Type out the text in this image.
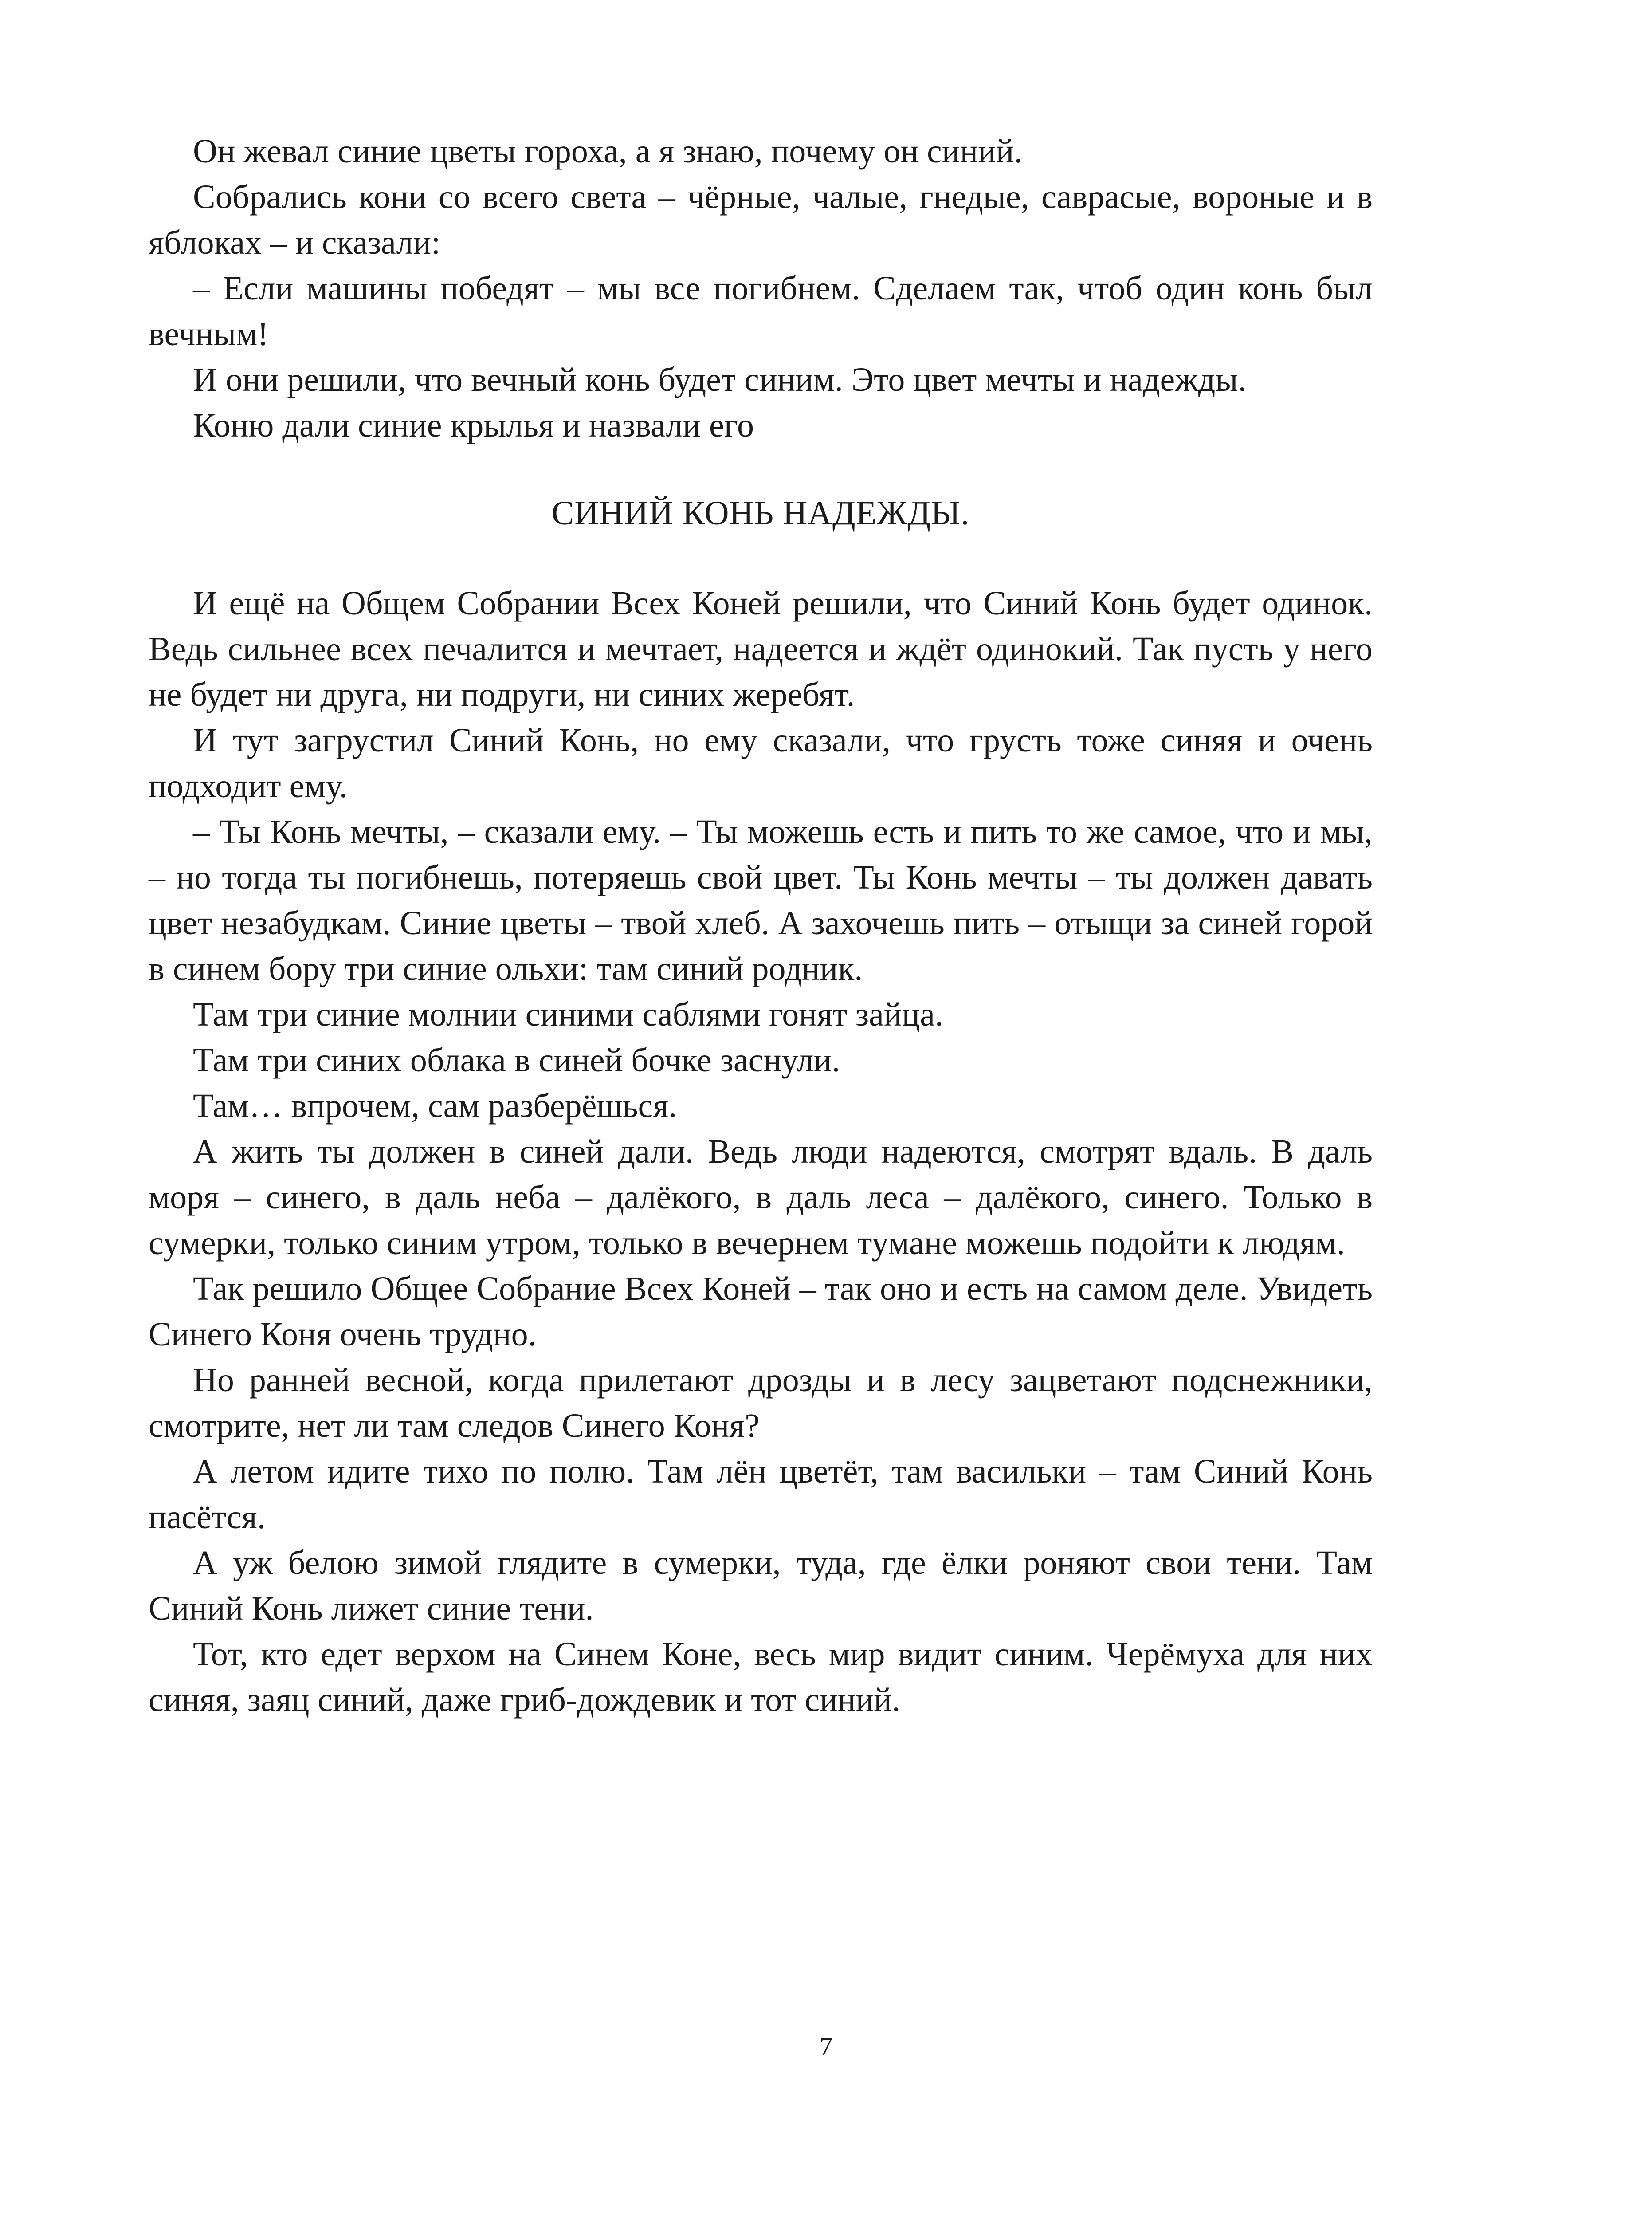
Он жевал синие цветы гороха, а я знаю, почему он синий.

Собрались кони со всего света – чёрные, чалые, гнедые, саврасые, вороные и в яблоках – и сказали:

– Если машины победят – мы все погибнем. Сделаем так, чтоб один конь был вечным!

И они решили, что вечный конь будет синим. Это цвет мечты и надежды.

Коню дали синие крылья и назвали его

СИНИЙ КОНЬ НАДЕЖДЫ.

И ещё на Общем Собрании Всех Коней решили, что Синий Конь будет одинок. Ведь сильнее всех печалится и мечтает, надеется и ждёт одинокий. Так пусть у него не будет ни друга, ни подруги, ни синих жеребят.

И тут загрустил Синий Конь, но ему сказали, что грусть тоже синяя и очень подходит ему.

– Ты Конь мечты, – сказали ему. – Ты можешь есть и пить то же самое, что и мы, – но тогда ты погибнешь, потеряешь свой цвет. Ты Конь мечты – ты должен давать цвет незабудкам. Синие цветы – твой хлеб. А захочешь пить – отыщи за синей горой в синем бору три синие ольхи: там синий родник.

Там три синие молнии синими саблями гонят зайца.

Там три синих облака в синей бочке заснули.

Там… впрочем, сам разберёшься.

А жить ты должен в синей дали. Ведь люди надеются, смотрят вдаль. В даль моря – синего, в даль неба – далёкого, в даль леса – далёкого, синего. Только в сумерки, только синим утром, только в вечернем тумане можешь подойти к людям.

Так решило Общее Собрание Всех Коней – так оно и есть на самом деле. Увидеть Синего Коня очень трудно.

Но ранней весной, когда прилетают дрозды и в лесу зацветают подснежники, смотрите, нет ли там следов Синего Коня?

А летом идите тихо по полю. Там лён цветёт, там васильки – там Синий Конь пасётся.

А уж белою зимой глядите в сумерки, туда, где ёлки роняют свои тени. Там Синий Конь лижет синие тени.

Тот, кто едет верхом на Синем Коне, весь мир видит синим. Черёмуха для них синяя, заяц синий, даже гриб-дождевик и тот синий.

7
